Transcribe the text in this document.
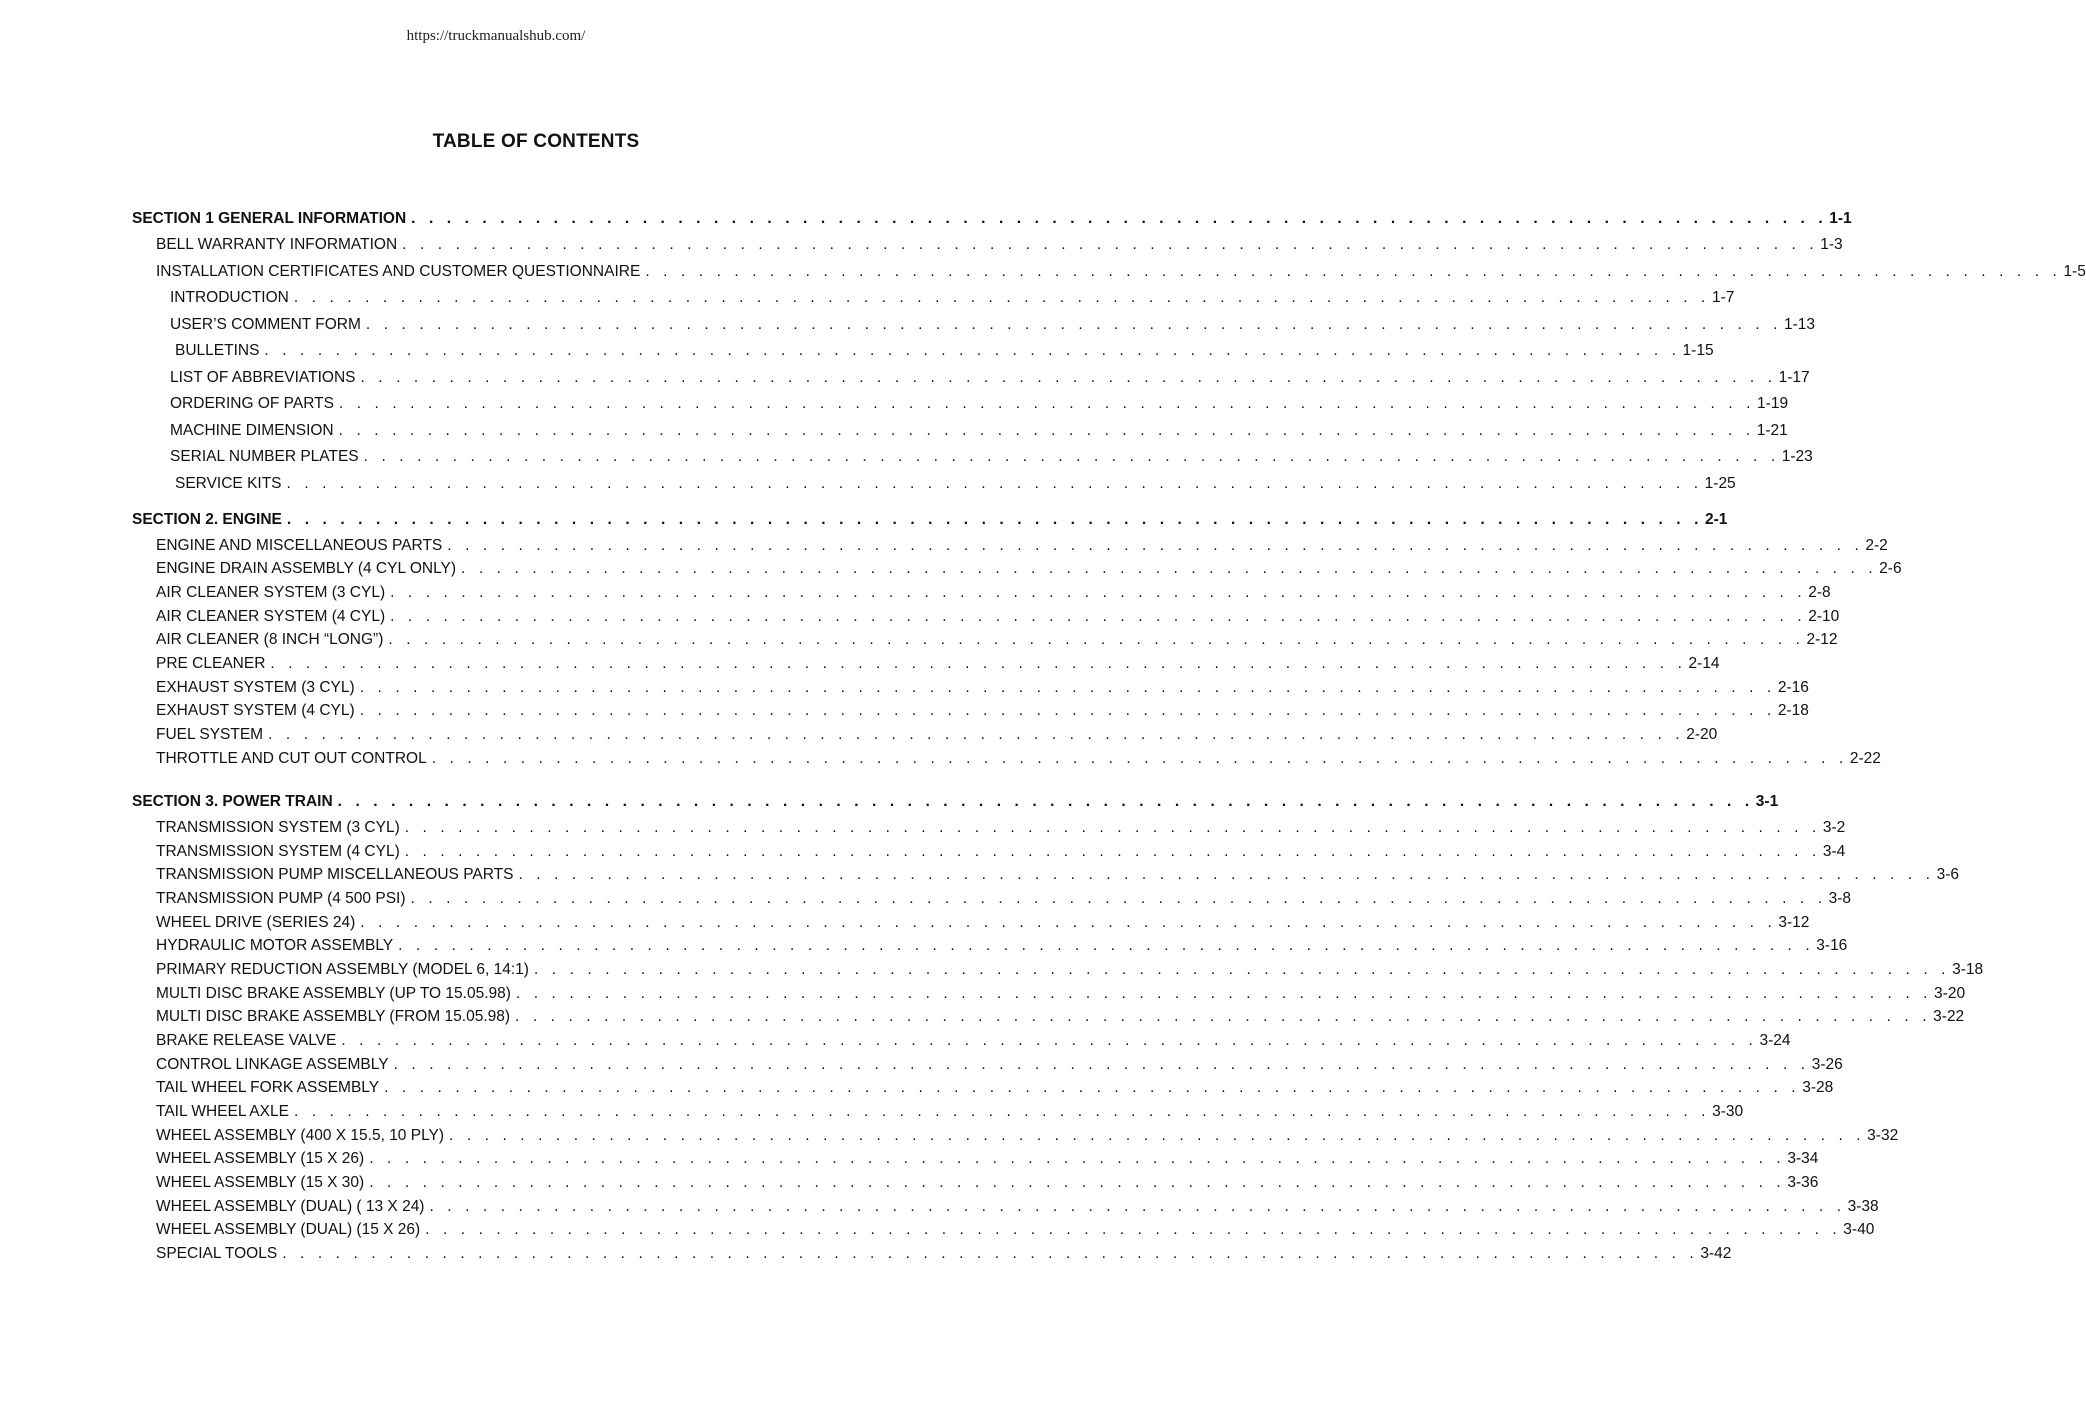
https://truckmanualshub.com/
TABLE OF CONTENTS
SECTION 1 GENERAL INFORMATION . . . . . . . . . . . . . . . . . . . . . . . . . . . . . . . . . . . . . . . . . . . . . . . . . . . . . . . . . . . . . . . . . . . . . . . . . . . . . . . . 1-1
BELL WARRANTY INFORMATION . . . . . . . . . . . . . . . . . . . . . . . . . . . . . . . . . . . . . . . . . . . . . . . . . . . . . . . . . . . . . . . . . . . . . . . . . . . . . . . . 1-3
INSTALLATION CERTIFICATES AND CUSTOMER QUESTIONNAIRE . . . . . . . . . . . . . . . . . . . . . . . . . . . . . . . . . . . . . . . . . . . . . . . . . . . . . . . . . . . . . . . . . . . . . . . . . . . . . . . . 1-5
INTRODUCTION . . . . . . . . . . . . . . . . . . . . . . . . . . . . . . . . . . . . . . . . . . . . . . . . . . . . . . . . . . . . . . . . . . . . . . . . . . . . . . . . 1-7
USER’S COMMENT FORM . . . . . . . . . . . . . . . . . . . . . . . . . . . . . . . . . . . . . . . . . . . . . . . . . . . . . . . . . . . . . . . . . . . . . . . . . . . . . . . . 1-13
BULLETINS . . . . . . . . . . . . . . . . . . . . . . . . . . . . . . . . . . . . . . . . . . . . . . . . . . . . . . . . . . . . . . . . . . . . . . . . . . . . . . . . 1-15
LIST OF ABBREVIATIONS . . . . . . . . . . . . . . . . . . . . . . . . . . . . . . . . . . . . . . . . . . . . . . . . . . . . . . . . . . . . . . . . . . . . . . . . . . . . . . . . 1-17
ORDERING OF PARTS . . . . . . . . . . . . . . . . . . . . . . . . . . . . . . . . . . . . . . . . . . . . . . . . . . . . . . . . . . . . . . . . . . . . . . . . . . . . . . . . 1-19
MACHINE DIMENSION . . . . . . . . . . . . . . . . . . . . . . . . . . . . . . . . . . . . . . . . . . . . . . . . . . . . . . . . . . . . . . . . . . . . . . . . . . . . . . . . 1-21
SERIAL NUMBER PLATES . . . . . . . . . . . . . . . . . . . . . . . . . . . . . . . . . . . . . . . . . . . . . . . . . . . . . . . . . . . . . . . . . . . . . . . . . . . . . . . . 1-23
SERVICE KITS . . . . . . . . . . . . . . . . . . . . . . . . . . . . . . . . . . . . . . . . . . . . . . . . . . . . . . . . . . . . . . . . . . . . . . . . . . . . . . . . 1-25
SECTION 2. ENGINE . . . . . . . . . . . . . . . . . . . . . . . . . . . . . . . . . . . . . . . . . . . . . . . . . . . . . . . . . . . . . . . . . . . . . . . . . . . . . . . . 2-1
ENGINE AND MISCELLANEOUS PARTS . . . . . . . . . . . . . . . . . . . . . . . . . . . . . . . . . . . . . . . . . . . . . . . . . . . . . . . . . . . . . . . . . . . . . . . . . . . . . . . . 2-2
ENGINE DRAIN ASSEMBLY (4 CYL ONLY) . . . . . . . . . . . . . . . . . . . . . . . . . . . . . . . . . . . . . . . . . . . . . . . . . . . . . . . . . . . . . . . . . . . . . . . . . . . . . . . . 2-6
AIR CLEANER SYSTEM (3 CYL) . . . . . . . . . . . . . . . . . . . . . . . . . . . . . . . . . . . . . . . . . . . . . . . . . . . . . . . . . . . . . . . . . . . . . . . . . . . . . . . . 2-8
AIR CLEANER SYSTEM (4 CYL) . . . . . . . . . . . . . . . . . . . . . . . . . . . . . . . . . . . . . . . . . . . . . . . . . . . . . . . . . . . . . . . . . . . . . . . . . . . . . . . . 2-10
AIR CLEANER (8 INCH “LONG”) . . . . . . . . . . . . . . . . . . . . . . . . . . . . . . . . . . . . . . . . . . . . . . . . . . . . . . . . . . . . . . . . . . . . . . . . . . . . . . . . 2-12
PRE CLEANER . . . . . . . . . . . . . . . . . . . . . . . . . . . . . . . . . . . . . . . . . . . . . . . . . . . . . . . . . . . . . . . . . . . . . . . . . . . . . . . . 2-14
EXHAUST SYSTEM (3 CYL) . . . . . . . . . . . . . . . . . . . . . . . . . . . . . . . . . . . . . . . . . . . . . . . . . . . . . . . . . . . . . . . . . . . . . . . . . . . . . . . . 2-16
EXHAUST SYSTEM (4 CYL) . . . . . . . . . . . . . . . . . . . . . . . . . . . . . . . . . . . . . . . . . . . . . . . . . . . . . . . . . . . . . . . . . . . . . . . . . . . . . . . . 2-18
FUEL SYSTEM . . . . . . . . . . . . . . . . . . . . . . . . . . . . . . . . . . . . . . . . . . . . . . . . . . . . . . . . . . . . . . . . . . . . . . . . . . . . . . . . 2-20
THROTTLE AND CUT OUT CONTROL . . . . . . . . . . . . . . . . . . . . . . . . . . . . . . . . . . . . . . . . . . . . . . . . . . . . . . . . . . . . . . . . . . . . . . . . . . . . . . . . 2-22
SECTION 3. POWER TRAIN . . . . . . . . . . . . . . . . . . . . . . . . . . . . . . . . . . . . . . . . . . . . . . . . . . . . . . . . . . . . . . . . . . . . . . . . . . . . . . . . 3-1
TRANSMISSION SYSTEM (3 CYL) . . . . . . . . . . . . . . . . . . . . . . . . . . . . . . . . . . . . . . . . . . . . . . . . . . . . . . . . . . . . . . . . . . . . . . . . . . . . . . . . 3-2
TRANSMISSION SYSTEM (4 CYL) . . . . . . . . . . . . . . . . . . . . . . . . . . . . . . . . . . . . . . . . . . . . . . . . . . . . . . . . . . . . . . . . . . . . . . . . . . . . . . . . 3-4
TRANSMISSION PUMP MISCELLANEOUS PARTS . . . . . . . . . . . . . . . . . . . . . . . . . . . . . . . . . . . . . . . . . . . . . . . . . . . . . . . . . . . . . . . . . . . . . . . . . . . . . . . . 3-6
TRANSMISSION PUMP (4 500 PSI) . . . . . . . . . . . . . . . . . . . . . . . . . . . . . . . . . . . . . . . . . . . . . . . . . . . . . . . . . . . . . . . . . . . . . . . . . . . . . . . . 3-8
WHEEL DRIVE (SERIES 24) . . . . . . . . . . . . . . . . . . . . . . . . . . . . . . . . . . . . . . . . . . . . . . . . . . . . . . . . . . . . . . . . . . . . . . . . . . . . . . . . 3-12
HYDRAULIC MOTOR ASSEMBLY . . . . . . . . . . . . . . . . . . . . . . . . . . . . . . . . . . . . . . . . . . . . . . . . . . . . . . . . . . . . . . . . . . . . . . . . . . . . . . . . 3-16
PRIMARY REDUCTION ASSEMBLY (MODEL 6, 14:1) . . . . . . . . . . . . . . . . . . . . . . . . . . . . . . . . . . . . . . . . . . . . . . . . . . . . . . . . . . . . . . . . . . . . . . . . . . . . . . . . 3-18
MULTI DISC BRAKE ASSEMBLY (UP TO 15.05.98) . . . . . . . . . . . . . . . . . . . . . . . . . . . . . . . . . . . . . . . . . . . . . . . . . . . . . . . . . . . . . . . . . . . . . . . . . . . . . . . . 3-20
MULTI DISC BRAKE ASSEMBLY (FROM 15.05.98) . . . . . . . . . . . . . . . . . . . . . . . . . . . . . . . . . . . . . . . . . . . . . . . . . . . . . . . . . . . . . . . . . . . . . . . . . . . . . . . . 3-22
BRAKE RELEASE VALVE . . . . . . . . . . . . . . . . . . . . . . . . . . . . . . . . . . . . . . . . . . . . . . . . . . . . . . . . . . . . . . . . . . . . . . . . . . . . . . . . 3-24
CONTROL LINKAGE ASSEMBLY . . . . . . . . . . . . . . . . . . . . . . . . . . . . . . . . . . . . . . . . . . . . . . . . . . . . . . . . . . . . . . . . . . . . . . . . . . . . . . . . 3-26
TAIL WHEEL FORK ASSEMBLY . . . . . . . . . . . . . . . . . . . . . . . . . . . . . . . . . . . . . . . . . . . . . . . . . . . . . . . . . . . . . . . . . . . . . . . . . . . . . . . . 3-28
TAIL WHEEL AXLE . . . . . . . . . . . . . . . . . . . . . . . . . . . . . . . . . . . . . . . . . . . . . . . . . . . . . . . . . . . . . . . . . . . . . . . . . . . . . . . . 3-30
WHEEL ASSEMBLY (400 X 15.5, 10 PLY) . . . . . . . . . . . . . . . . . . . . . . . . . . . . . . . . . . . . . . . . . . . . . . . . . . . . . . . . . . . . . . . . . . . . . . . . . . . . . . . . 3-32
WHEEL ASSEMBLY (15 X 26) . . . . . . . . . . . . . . . . . . . . . . . . . . . . . . . . . . . . . . . . . . . . . . . . . . . . . . . . . . . . . . . . . . . . . . . . . . . . . . . . 3-34
WHEEL ASSEMBLY (15 X 30) . . . . . . . . . . . . . . . . . . . . . . . . . . . . . . . . . . . . . . . . . . . . . . . . . . . . . . . . . . . . . . . . . . . . . . . . . . . . . . . . 3-36
WHEEL ASSEMBLY (DUAL) ( 13 X 24) . . . . . . . . . . . . . . . . . . . . . . . . . . . . . . . . . . . . . . . . . . . . . . . . . . . . . . . . . . . . . . . . . . . . . . . . . . . . . . . . 3-38
WHEEL ASSEMBLY (DUAL) (15 X 26) . . . . . . . . . . . . . . . . . . . . . . . . . . . . . . . . . . . . . . . . . . . . . . . . . . . . . . . . . . . . . . . . . . . . . . . . . . . . . . . . 3-40
SPECIAL TOOLS . . . . . . . . . . . . . . . . . . . . . . . . . . . . . . . . . . . . . . . . . . . . . . . . . . . . . . . . . . . . . . . . . . . . . . . . . . . . . . . . 3-42
